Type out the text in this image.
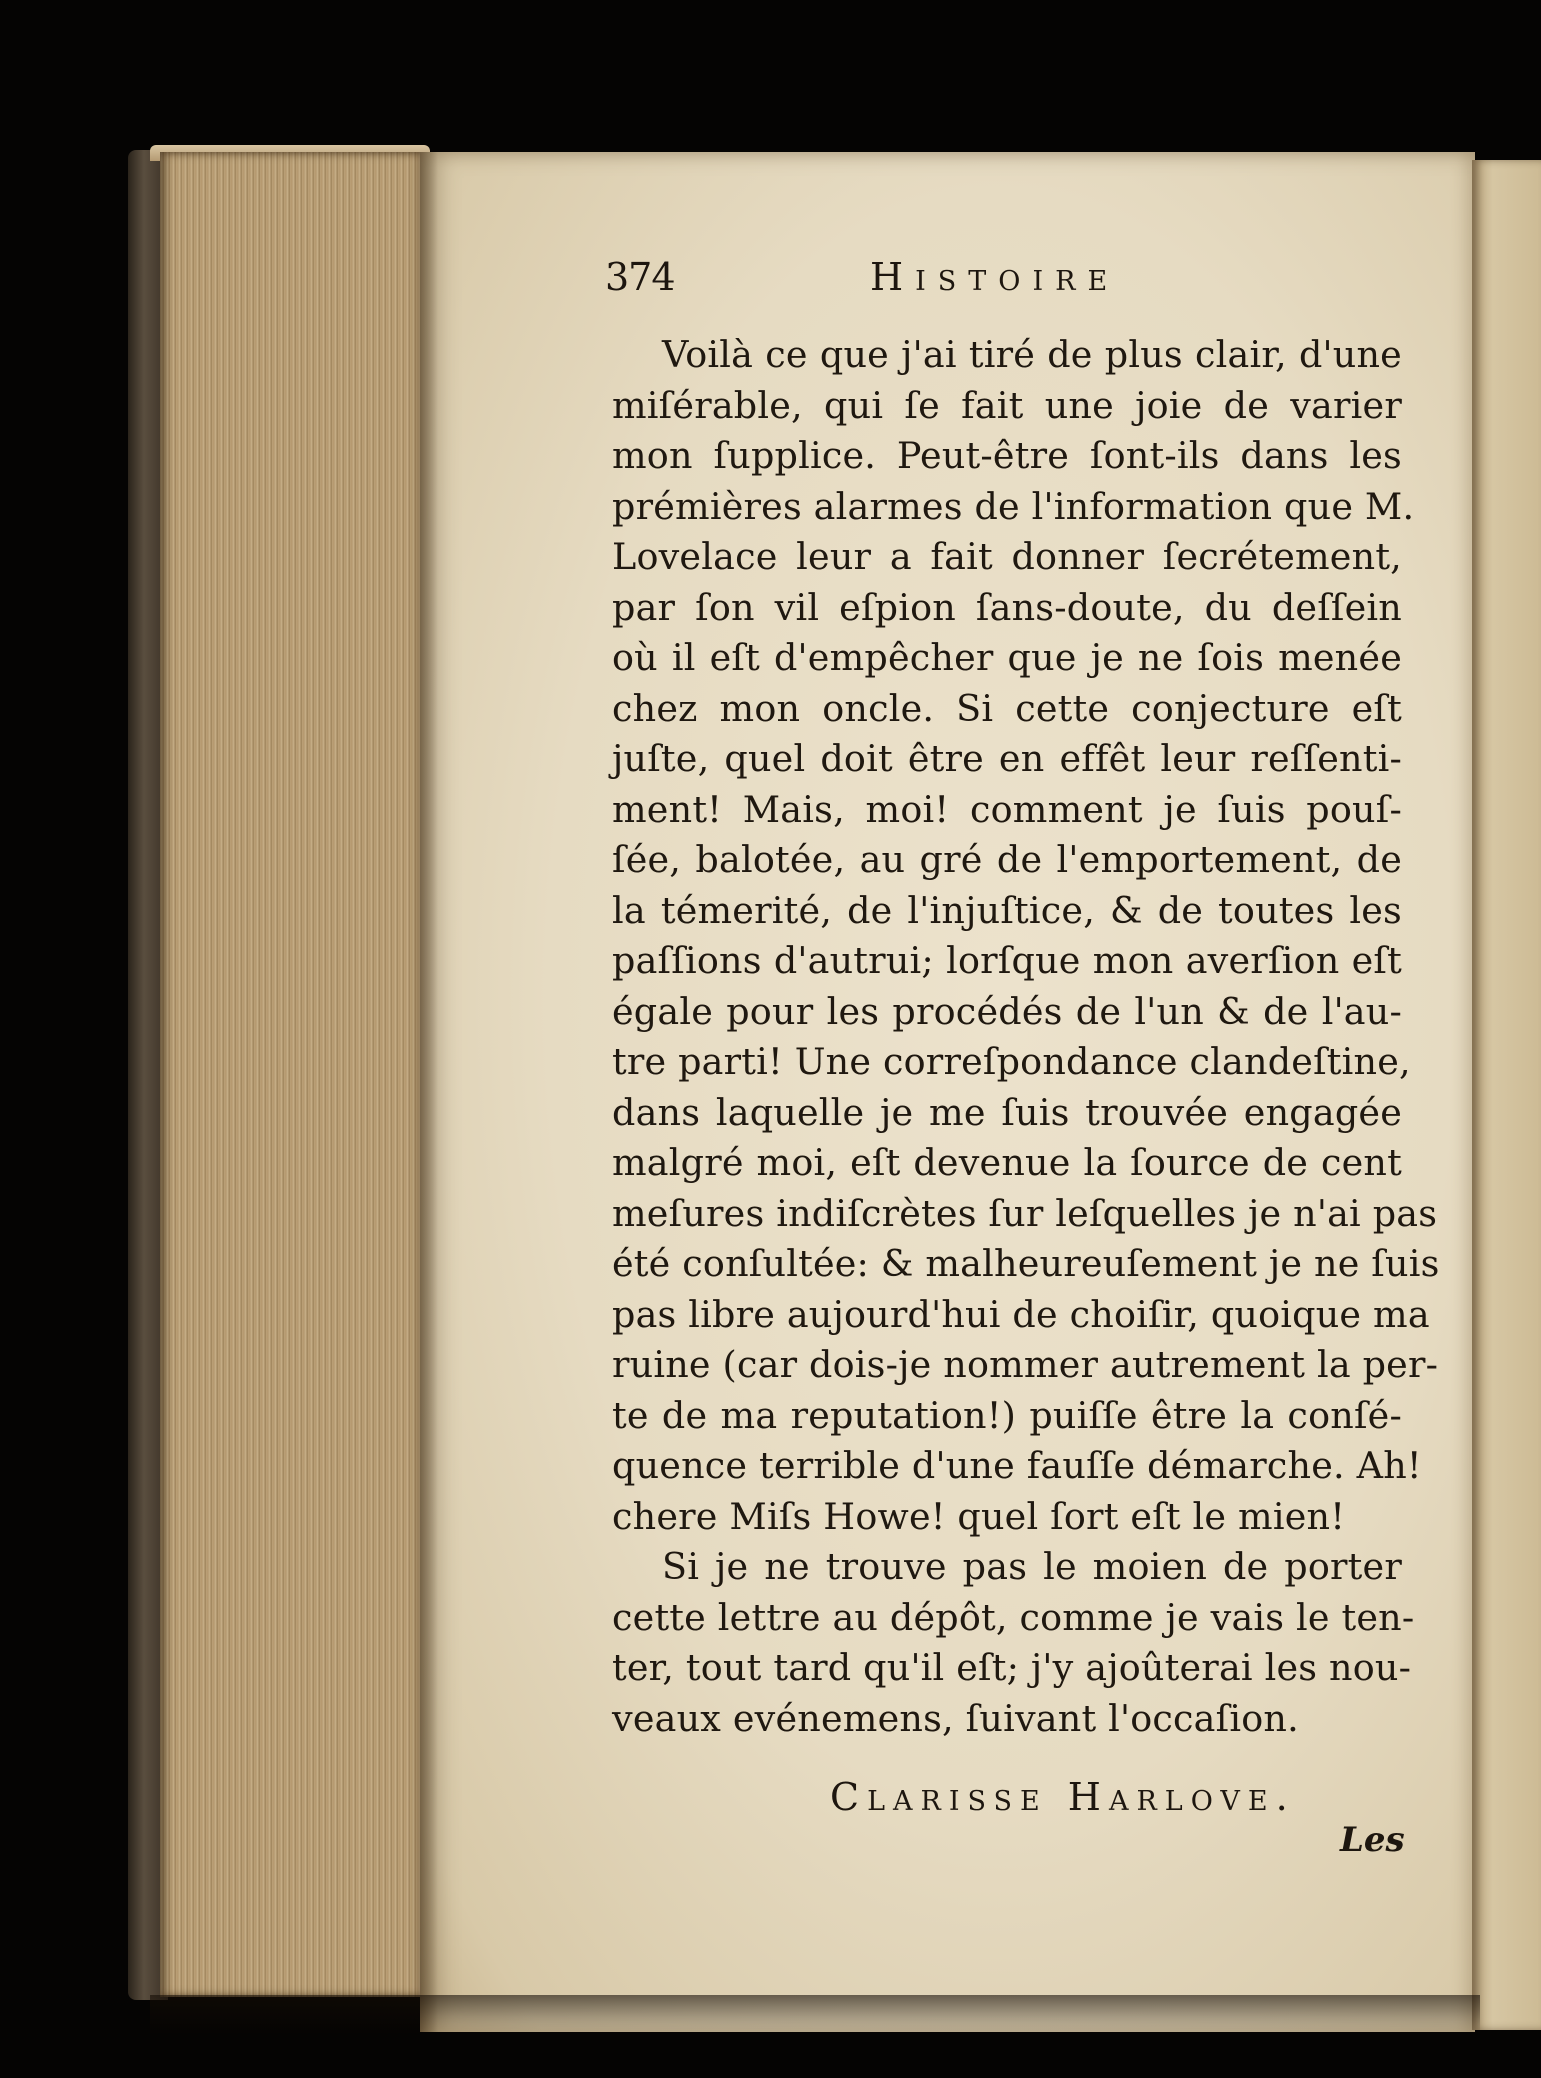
374	Histoire
Voilà ce que j'ai tiré de plus clair, d'une
miſérable, qui ſe fait une joie de varier
mon ſupplice. Peut-être ſont-ils dans les
prémières alarmes de l'information que M.
Lovelace leur a fait donner ſecrétement,
par ſon vil eſpion ſans-doute, du deſſein
où il eſt d'empêcher que je ne ſois menée
chez mon oncle. Si cette conjecture eſt
juſte, quel doit être en effêt leur reſſenti-
ment! Mais, moi! comment je ſuis pouſ-
ſée, balotée, au gré de l'emportement, de
la témerité, de l'injuſtice, & de toutes les
paſſions d'autrui; lorſque mon averſion eſt
égale pour les procédés de l'un & de l'au-
tre parti! Une correſpondance clandeſtine,
dans laquelle je me ſuis trouvée engagée
malgré moi, eſt devenue la ſource de cent
meſures indiſcrètes ſur leſquelles je n'ai pas
été conſultée: & malheureuſement je ne ſuis
pas libre aujourd'hui de choiſir, quoique ma
ruine (car dois-je nommer autrement la per-
te de ma reputation!) puiſſe être la conſé-
quence terrible d'une fauſſe démarche. Ah!
chere Miſs Howe! quel ſort eſt le mien!
Si je ne trouve pas le moien de porter
cette lettre au dépôt, comme je vais le ten-
ter, tout tard qu'il eſt; j'y ajoûterai les nou-
veaux evénemens, ſuivant l'occaſion.
Clarisse Harlove.
Les
